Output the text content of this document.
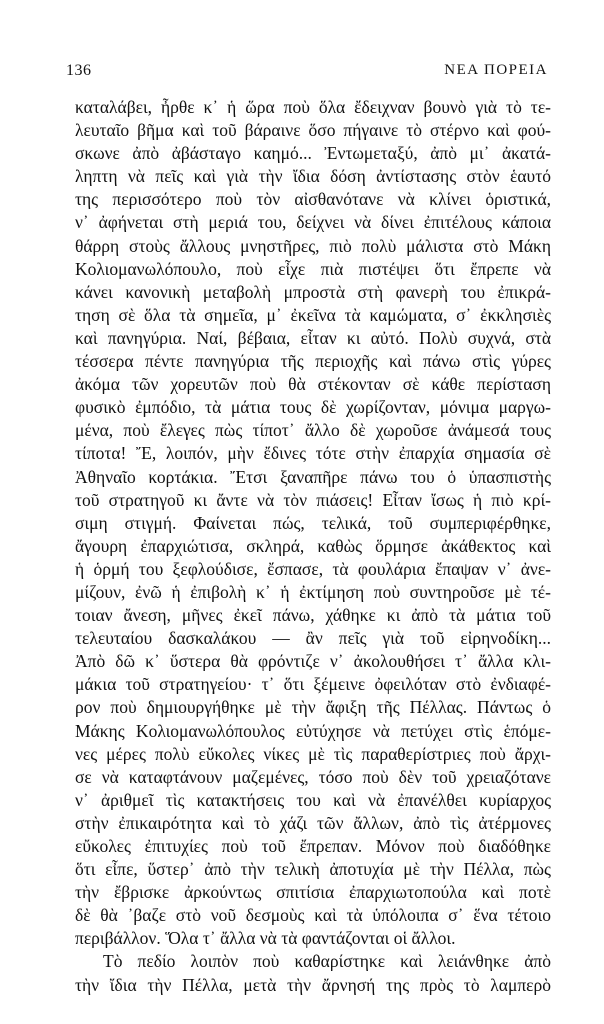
136	ΝΕΑ ΠΟΡΕΙΑ
καταλάβει, ἦρθε κ᾿ ἡ ὥρα ποὺ ὅλα ἔδειχναν βουνὸ γιὰ τὸ τε-
λευταῖο βῆμα καὶ τοῦ βάραινε ὅσο πήγαινε τὸ στέρνο καὶ φού-
σκωνε ἀπὸ ἀβάσταγο καημό... Ἐντωμεταξύ, ἀπὸ μι᾿ ἀκατά-
ληπτη νὰ πεῖς καὶ γιὰ τὴν ἴδια δόση ἀντίστασης στὸν ἑαυτό
της περισσότερο ποὺ τὸν αἰσθανότανε νὰ κλίνει ὁριστικά,
ν᾿ ἀφήνεται στὴ μεριά του, δείχνει νὰ δίνει ἐπιτέλους κάποια
θάρρη στοὺς ἄλλους μνηστῆρες, πιὸ πολὺ μάλιστα στὸ Μάκη
Κολιομανωλόπουλο, ποὺ εἶχε πιὰ πιστέψει ὅτι ἔπρεπε νὰ
κάνει κανονικὴ μεταβολὴ μπροστὰ στὴ φανερὴ του ἐπικρά-
τηση σὲ ὅλα τὰ σημεῖα, μ᾿ ἐκεῖνα τὰ καμώματα, σ᾿ ἐκκλησιὲς
καὶ πανηγύρια. Ναί, βέβαια, εἶταν κι αὐτό. Πολὺ συχνά, στὰ
τέσσερα πέντε πανηγύρια τῆς περιοχῆς καὶ πάνω στὶς γύρες
ἀκόμα τῶν χορευτῶν ποὺ θὰ στέκονταν σὲ κάθε περίσταση
φυσικὸ ἐμπόδιο, τὰ μάτια τους δὲ χωρίζονταν, μόνιμα μαργω-
μένα, ποὺ ἔλεγες πὼς τίποτ᾿ ἄλλο δὲ χωροῦσε ἀνάμεσά τους
τίποτα! Ἔ, λοιπόν, μὴν ἔδινες τότε στὴν ἐπαρχία σημασία σὲ
Ἀθηναῖο κορτάκια. Ἔτσι ξαναπῆρε πάνω του ὁ ὑπασπιστὴς
τοῦ στρατηγοῦ κι ἄντε νὰ τὸν πιάσεις! Εἶταν ἴσως ἡ πιὸ κρί-
σιμη στιγμή. Φαίνεται πώς, τελικά, τοῦ συμπεριφέρθηκε,
ἄγουρη ἐπαρχιώτισα, σκληρά, καθὼς ὅρμησε ἀκάθεκτος καὶ
ἡ ὁρμή του ξεφλούδισε, ἔσπασε, τὰ φουλάρια ἔπαψαν ν᾿ ἀνε-
μίζουν, ἐνῶ ἡ ἐπιβολὴ κ᾿ ἡ ἐκτίμηση ποὺ συντηροῦσε μὲ τέ-
τοιαν ἄνεση, μῆνες ἐκεῖ πάνω, χάθηκε κι ἀπὸ τὰ μάτια τοῦ
τελευταίου δασκαλάκου — ἂν πεῖς γιὰ τοῦ εἰρηνοδίκη...
Ἀπὸ δῶ κ᾿ ὕστερα θὰ φρόντιζε ν᾿ ἀκολουθήσει τ᾿ ἄλλα κλι-
μάκια τοῦ στρατηγείου· τ᾿ ὅτι ξέμεινε ὀφειλόταν στὸ ἐνδιαφέ-
ρον ποὺ δημιουργήθηκε μὲ τὴν ἄφιξη τῆς Πέλλας. Πάντως ὁ
Μάκης Κολιομανωλόπουλος εὐτύχησε νὰ πετύχει στὶς ἑπόμε-
νες μέρες πολὺ εὔκολες νίκες μὲ τὶς παραθερίστριες ποὺ ἄρχι-
σε νὰ καταφτάνουν μαζεμένες, τόσο ποὺ δὲν τοῦ χρειαζότανε
ν᾿ ἀριθμεῖ τὶς κατακτήσεις του καὶ νὰ ἐπανέλθει κυρίαρχος
στὴν ἐπικαιρότητα καὶ τὸ χάζι τῶν ἄλλων, ἀπὸ τὶς ἀτέρμονες
εὔκολες ἐπιτυχίες ποὺ τοῦ ἔπρεπαν. Μόνον ποὺ διαδόθηκε
ὅτι εἶπε, ὕστερ᾿ ἀπὸ τὴν τελικὴ ἀποτυχία μὲ τὴν Πέλλα, πὼς
τὴν ἔβρισκε ἀρκούντως σπιτίσια ἐπαρχιωτοπούλα καὶ ποτὲ
δὲ θὰ ᾿βαζε στὸ νοῦ δεσμοὺς καὶ τὰ ὑπόλοιπα σ᾿ ἕνα τέτοιο
περιβάλλον. Ὅλα τ᾿ ἄλλα νὰ τὰ φαντάζονται οἱ ἄλλοι.
Τὸ πεδίο λοιπὸν ποὺ καθαρίστηκε καὶ λειάνθηκε ἀπὸ
τὴν ἴδια τὴν Πέλλα, μετὰ τὴν ἄρνησή της πρὸς τὸ λαμπερὸ
